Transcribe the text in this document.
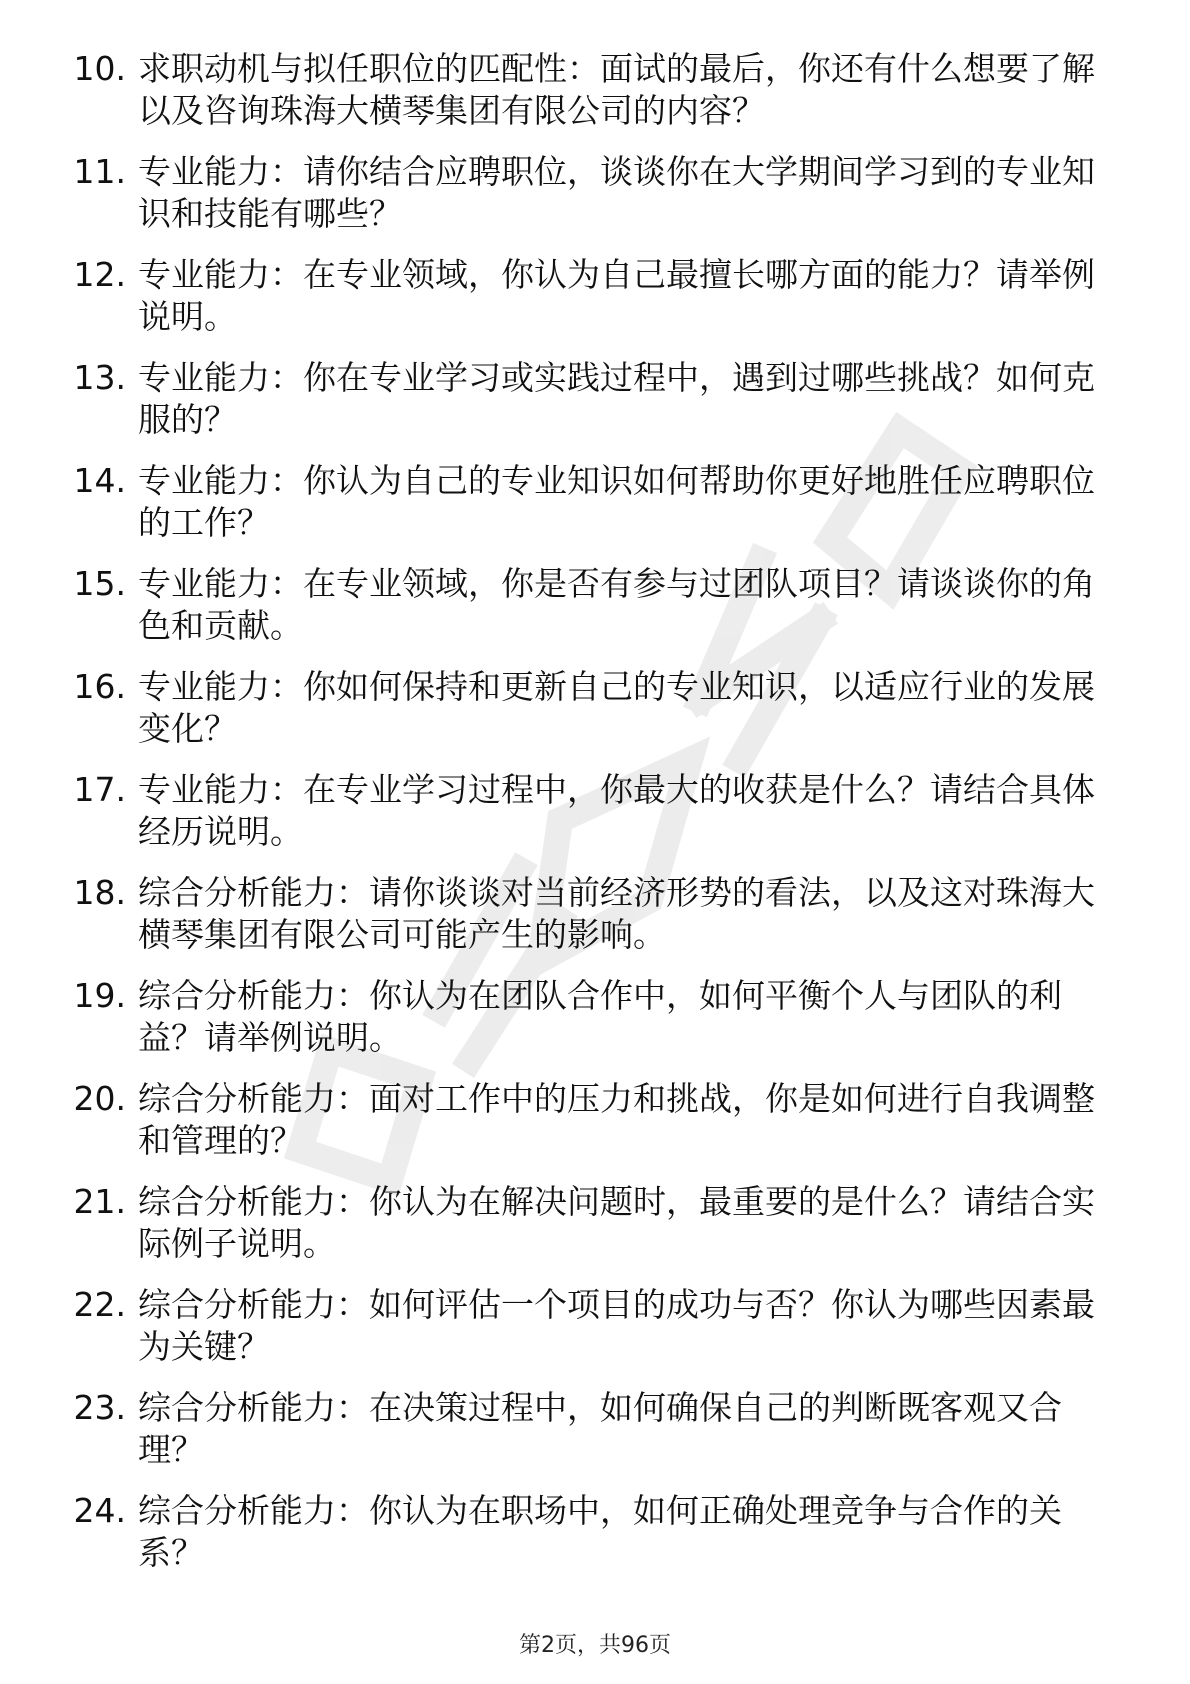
10. 求职动机与拟任职位的匹配性：面试的最后，你还有什么想要了解以及咨询珠海大横琴集团有限公司的内容？
11. 专业能力：请你结合应聘职位，谈谈你在大学期间学习到的专业知识和技能有哪些？
12. 专业能力：在专业领域，你认为自己最擅长哪方面的能力？请举例说明。
13. 专业能力：你在专业学习或实践过程中，遇到过哪些挑战？如何克服的？
14. 专业能力：你认为自己的专业知识如何帮助你更好地胜任应聘职位的工作？
15. 专业能力：在专业领域，你是否有参与过团队项目？请谈谈你的角色和贡献。
16. 专业能力：你如何保持和更新自己的专业知识，以适应行业的发展变化？
17. 专业能力：在专业学习过程中，你最大的收获是什么？请结合具体经历说明。
18. 综合分析能力：请你谈谈对当前经济形势的看法，以及这对珠海大横琴集团有限公司可能产生的影响。
19. 综合分析能力：你认为在团队合作中，如何平衡个人与团队的利益？请举例说明。
20. 综合分析能力：面对工作中的压力和挑战，你是如何进行自我调整和管理的？
21. 综合分析能力：你认为在解决问题时，最重要的是什么？请结合实际例子说明。
22. 综合分析能力：如何评估一个项目的成功与否？你认为哪些因素最为关键？
23. 综合分析能力：在决策过程中，如何确保自己的判断既客观又合理？
24. 综合分析能力：你认为在职场中，如何正确处理竞争与合作的关系？
第2页，共96页
